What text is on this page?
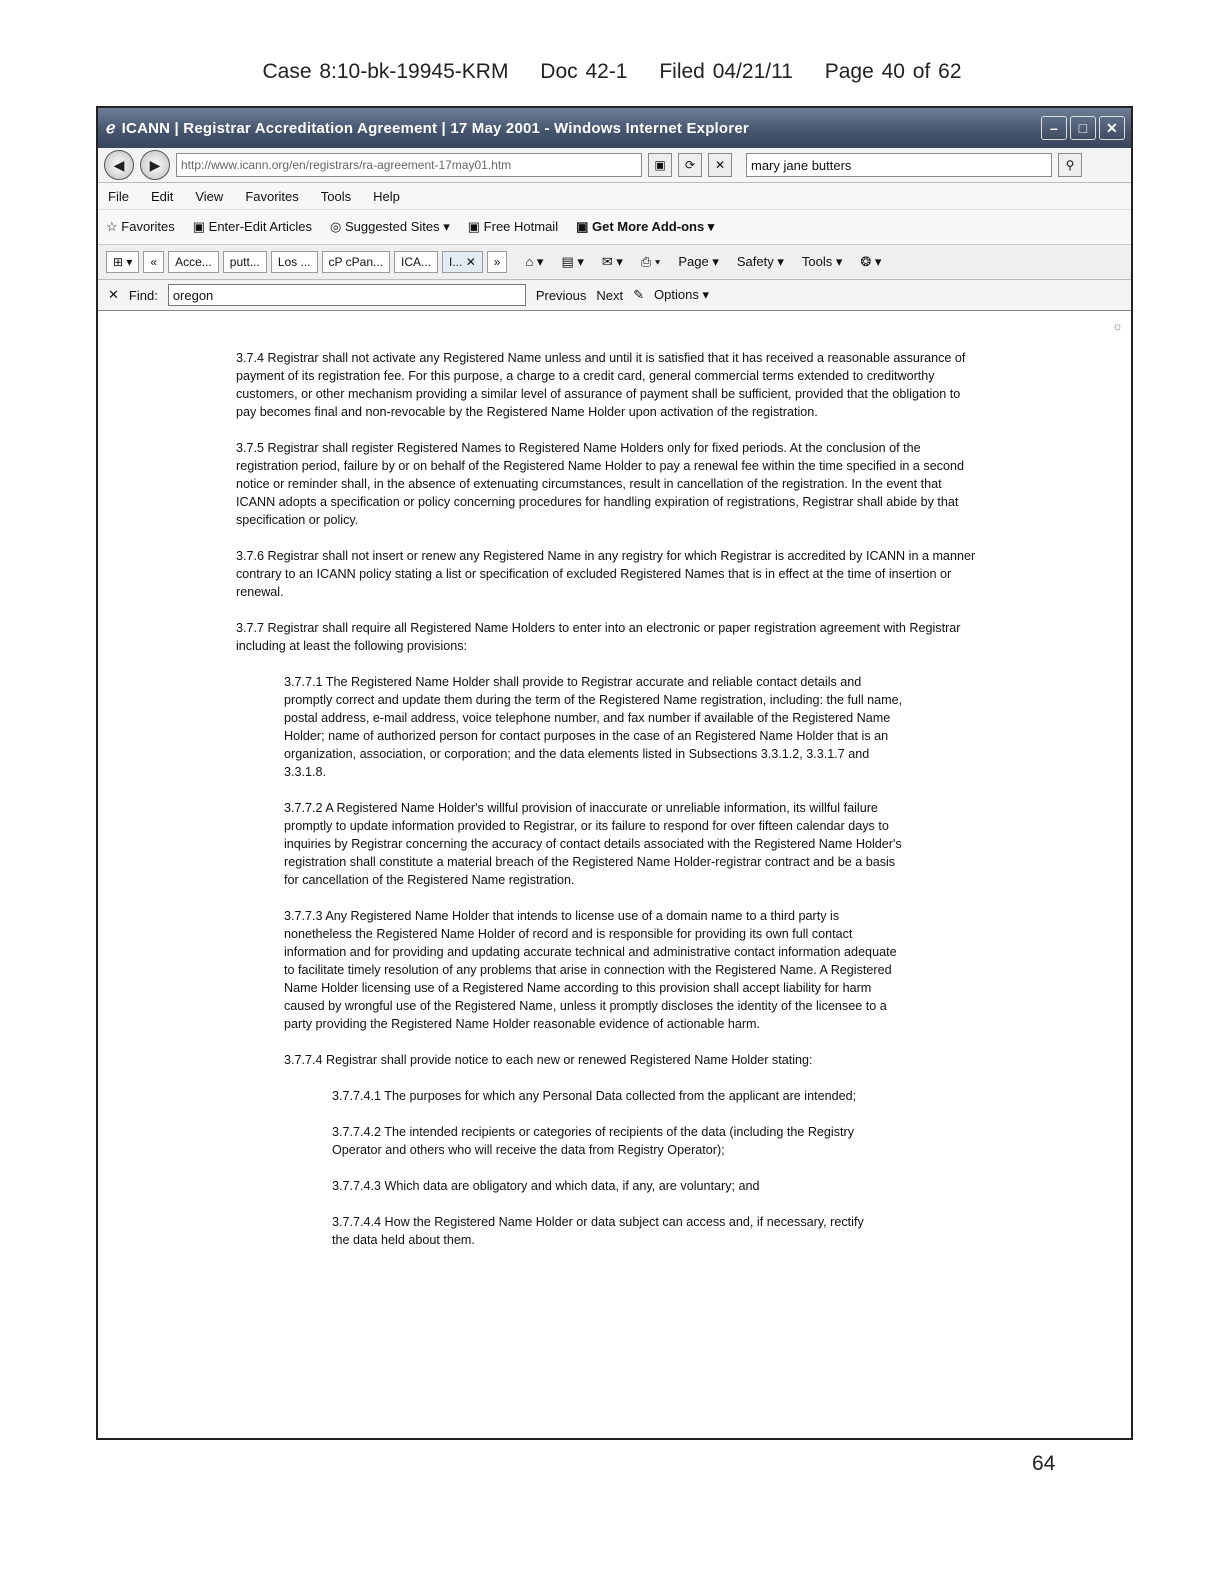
Case 8:10-bk-19945-KRM Doc 42-1 Filed 04/21/11 Page 40 of 62
ℯ ICANN | Registrar Accreditation Agreement | 17 May 2001 - Windows Internet Explorer	–	□	✕
◀	▶	http://www.icann.org/en/registrars/ra-agreement-17may01.htm	▣	⟳	✕	mary jane butters	⚲
File Edit View Favorites Tools Help
☆ Favorites ▣ Enter-Edit Articles ◎ Suggested Sites ▾ ▣ Free Hotmail ▣ Get More Add-ons ▾
⊞ ▾	«	Acce...	putt...	Los ...	cP cPan...	ICA...	I... ✕	»	⌂ ▾ ▤ ▾ ✉ ▾ ⎙ ▾ Page ▾ Safety ▾ Tools ▾ ❂ ▾
✕ Find:	oregon	Previous Next ✎ Options ▾
☼

3.7.4 Registrar shall not activate any Registered Name unless and until it is satisfied that it has received a reasonable assurance of payment of its registration fee. For this purpose, a charge to a credit card, general commercial terms extended to creditworthy customers, or other mechanism providing a similar level of assurance of payment shall be sufficient, provided that the obligation to pay becomes final and non-revocable by the Registered Name Holder upon activation of the registration.

3.7.5 Registrar shall register Registered Names to Registered Name Holders only for fixed periods. At the conclusion of the registration period, failure by or on behalf of the Registered Name Holder to pay a renewal fee within the time specified in a second notice or reminder shall, in the absence of extenuating circumstances, result in cancellation of the registration. In the event that ICANN adopts a specification or policy concerning procedures for handling expiration of registrations, Registrar shall abide by that specification or policy.

3.7.6 Registrar shall not insert or renew any Registered Name in any registry for which Registrar is accredited by ICANN in a manner contrary to an ICANN policy stating a list or specification of excluded Registered Names that is in effect at the time of insertion or renewal.

3.7.7 Registrar shall require all Registered Name Holders to enter into an electronic or paper registration agreement with Registrar including at least the following provisions:

3.7.7.1 The Registered Name Holder shall provide to Registrar accurate and reliable contact details and promptly correct and update them during the term of the Registered Name registration, including: the full name, postal address, e-mail address, voice telephone number, and fax number if available of the Registered Name Holder; name of authorized person for contact purposes in the case of an Registered Name Holder that is an organization, association, or corporation; and the data elements listed in Subsections 3.3.1.2, 3.3.1.7 and 3.3.1.8.

3.7.7.2 A Registered Name Holder's willful provision of inaccurate or unreliable information, its willful failure promptly to update information provided to Registrar, or its failure to respond for over fifteen calendar days to inquiries by Registrar concerning the accuracy of contact details associated with the Registered Name Holder's registration shall constitute a material breach of the Registered Name Holder-registrar contract and be a basis for cancellation of the Registered Name registration.

3.7.7.3 Any Registered Name Holder that intends to license use of a domain name to a third party is nonetheless the Registered Name Holder of record and is responsible for providing its own full contact information and for providing and updating accurate technical and administrative contact information adequate to facilitate timely resolution of any problems that arise in connection with the Registered Name. A Registered Name Holder licensing use of a Registered Name according to this provision shall accept liability for harm caused by wrongful use of the Registered Name, unless it promptly discloses the identity of the licensee to a party providing the Registered Name Holder reasonable evidence of actionable harm.

3.7.7.4 Registrar shall provide notice to each new or renewed Registered Name Holder stating:

3.7.7.4.1 The purposes for which any Personal Data collected from the applicant are intended;

3.7.7.4.2 The intended recipients or categories of recipients of the data (including the Registry Operator and others who will receive the data from Registry Operator);

3.7.7.4.3 Which data are obligatory and which data, if any, are voluntary; and

3.7.7.4.4 How the Registered Name Holder or data subject can access and, if necessary, rectify the data held about them.

64
